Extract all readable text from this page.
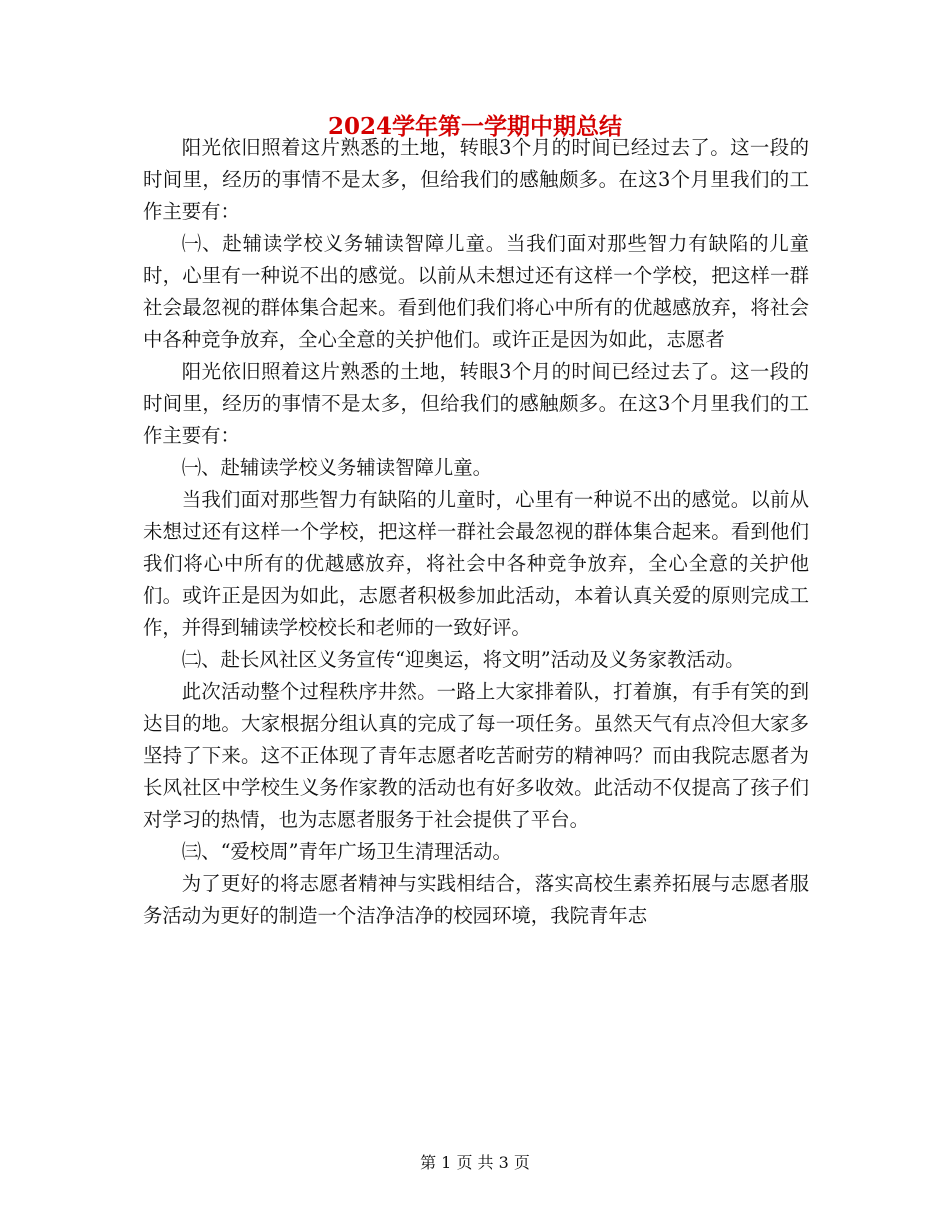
2024学年第一学期中期总结

阳光依旧照着这片熟悉的土地，转眼3个月的时间已经过去了。这一段的时间里，经历的事情不是太多，但给我们的感触颇多。在这3个月里我们的工作主要有：

㈠、赴辅读学校义务辅读智障儿童。当我们面对那些智力有缺陷的儿童时，心里有一种说不出的感觉。以前从未想过还有这样一个学校，把这样一群社会最忽视的群体集合起来。看到他们我们将心中所有的优越感放弃，将社会中各种竞争放弃，全心全意的关护他们。或许正是因为如此，志愿者

阳光依旧照着这片熟悉的土地，转眼3个月的时间已经过去了。这一段的时间里，经历的事情不是太多，但给我们的感触颇多。在这3个月里我们的工作主要有：

㈠、赴辅读学校义务辅读智障儿童。

当我们面对那些智力有缺陷的儿童时，心里有一种说不出的感觉。以前从未想过还有这样一个学校，把这样一群社会最忽视的群体集合起来。看到他们我们将心中所有的优越感放弃，将社会中各种竞争放弃，全心全意的关护他们。或许正是因为如此，志愿者积极参加此活动，本着认真关爱的原则完成工作，并得到辅读学校校长和老师的一致好评。

㈡、赴长风社区义务宣传“迎奥运，将文明”活动及义务家教活动。

此次活动整个过程秩序井然。一路上大家排着队，打着旗，有手有笑的到达目的地。大家根据分组认真的完成了每一项任务。虽然天气有点冷但大家多坚持了下来。这不正体现了青年志愿者吃苦耐劳的精神吗？而由我院志愿者为长风社区中学校生义务作家教的活动也有好多收效。此活动不仅提高了孩子们对学习的热情，也为志愿者服务于社会提供了平台。

㈢、“爱校周”青年广场卫生清理活动。

为了更好的将志愿者精神与实践相结合，落实高校生素养拓展与志愿者服务活动为更好的制造一个洁净洁净的校园环境，我院青年志

第 1 页 共 3 页
